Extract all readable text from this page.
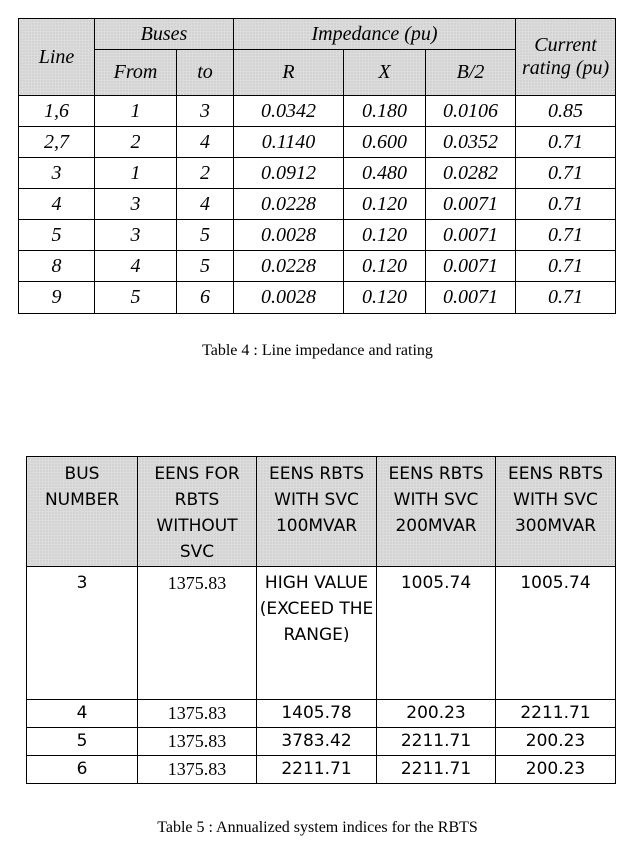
Line	Buses		Impedance (pu)			Current rating (pu)
	From	to	R	X	B/2	
1,6	1	3	0.0342	0.180	0.0106	0.85
2,7	2	4	0.1140	0.600	0.0352	0.71
3	1	2	0.0912	0.480	0.0282	0.71
4	3	4	0.0228	0.120	0.0071	0.71
5	3	5	0.0028	0.120	0.0071	0.71
8	4	5	0.0228	0.120	0.0071	0.71
9	5	6	0.0028	0.120	0.0071	0.71
Table 4 : Line impedance and rating
BUS NUMBER	EENS FOR RBTS WITHOUT SVC	EENS RBTS WITH SVC 100MVAR	EENS RBTS WITH SVC 200MVAR	EENS RBTS WITH SVC 300MVAR
3	1375.83	HIGH VALUE (EXCEED THE RANGE)	1005.74	1005.74
4	1375.83	1405.78	200.23	2211.71
5	1375.83	3783.42	2211.71	200.23
6	1375.83	2211.71	2211.71	200.23
Table 5 : Annualized system indices for the RBTS
